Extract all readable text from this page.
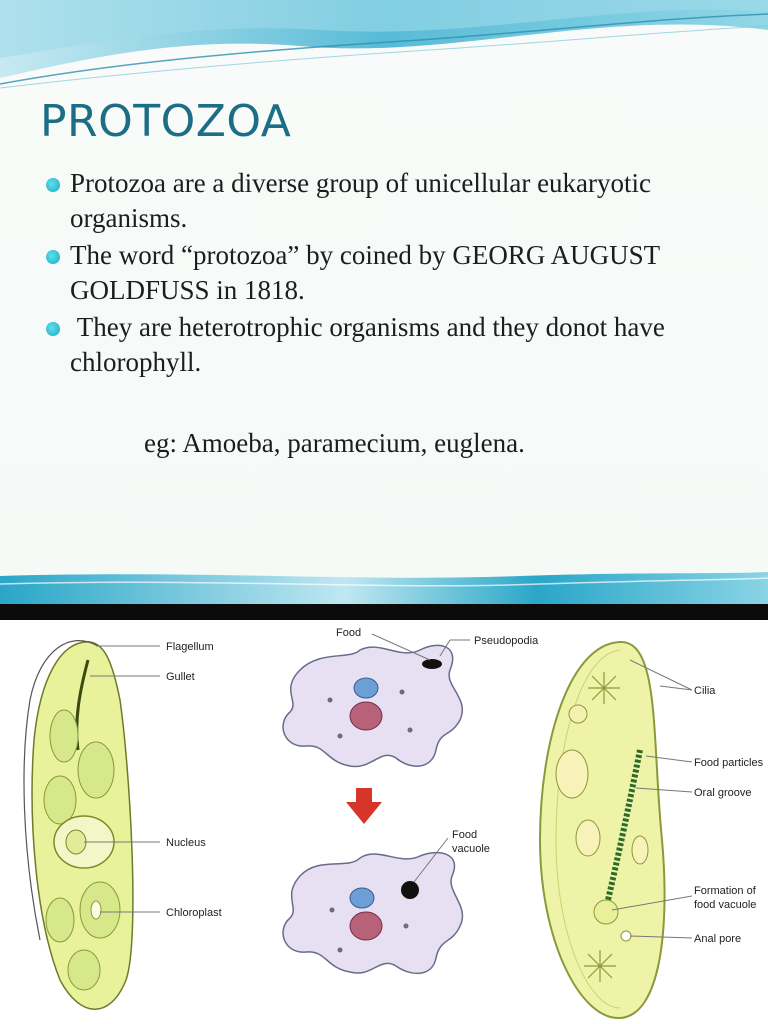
PROTOZOA
Protozoa are a diverse group of unicellular eukaryotic organisms.
The word “protozoa” by coined by GEORG AUGUST GOLDFUSS in 1818.
They are heterotrophic organisms and they donot have chlorophyll.

eg: Amoeba, paramecium, euglena.

Flagellum
Gullet
Nucleus
Chloroplast
Food
Pseudopodia
Food
vacuole
Cilia
Food particles
Oral groove
Formation of
food vacuole
Anal pore
